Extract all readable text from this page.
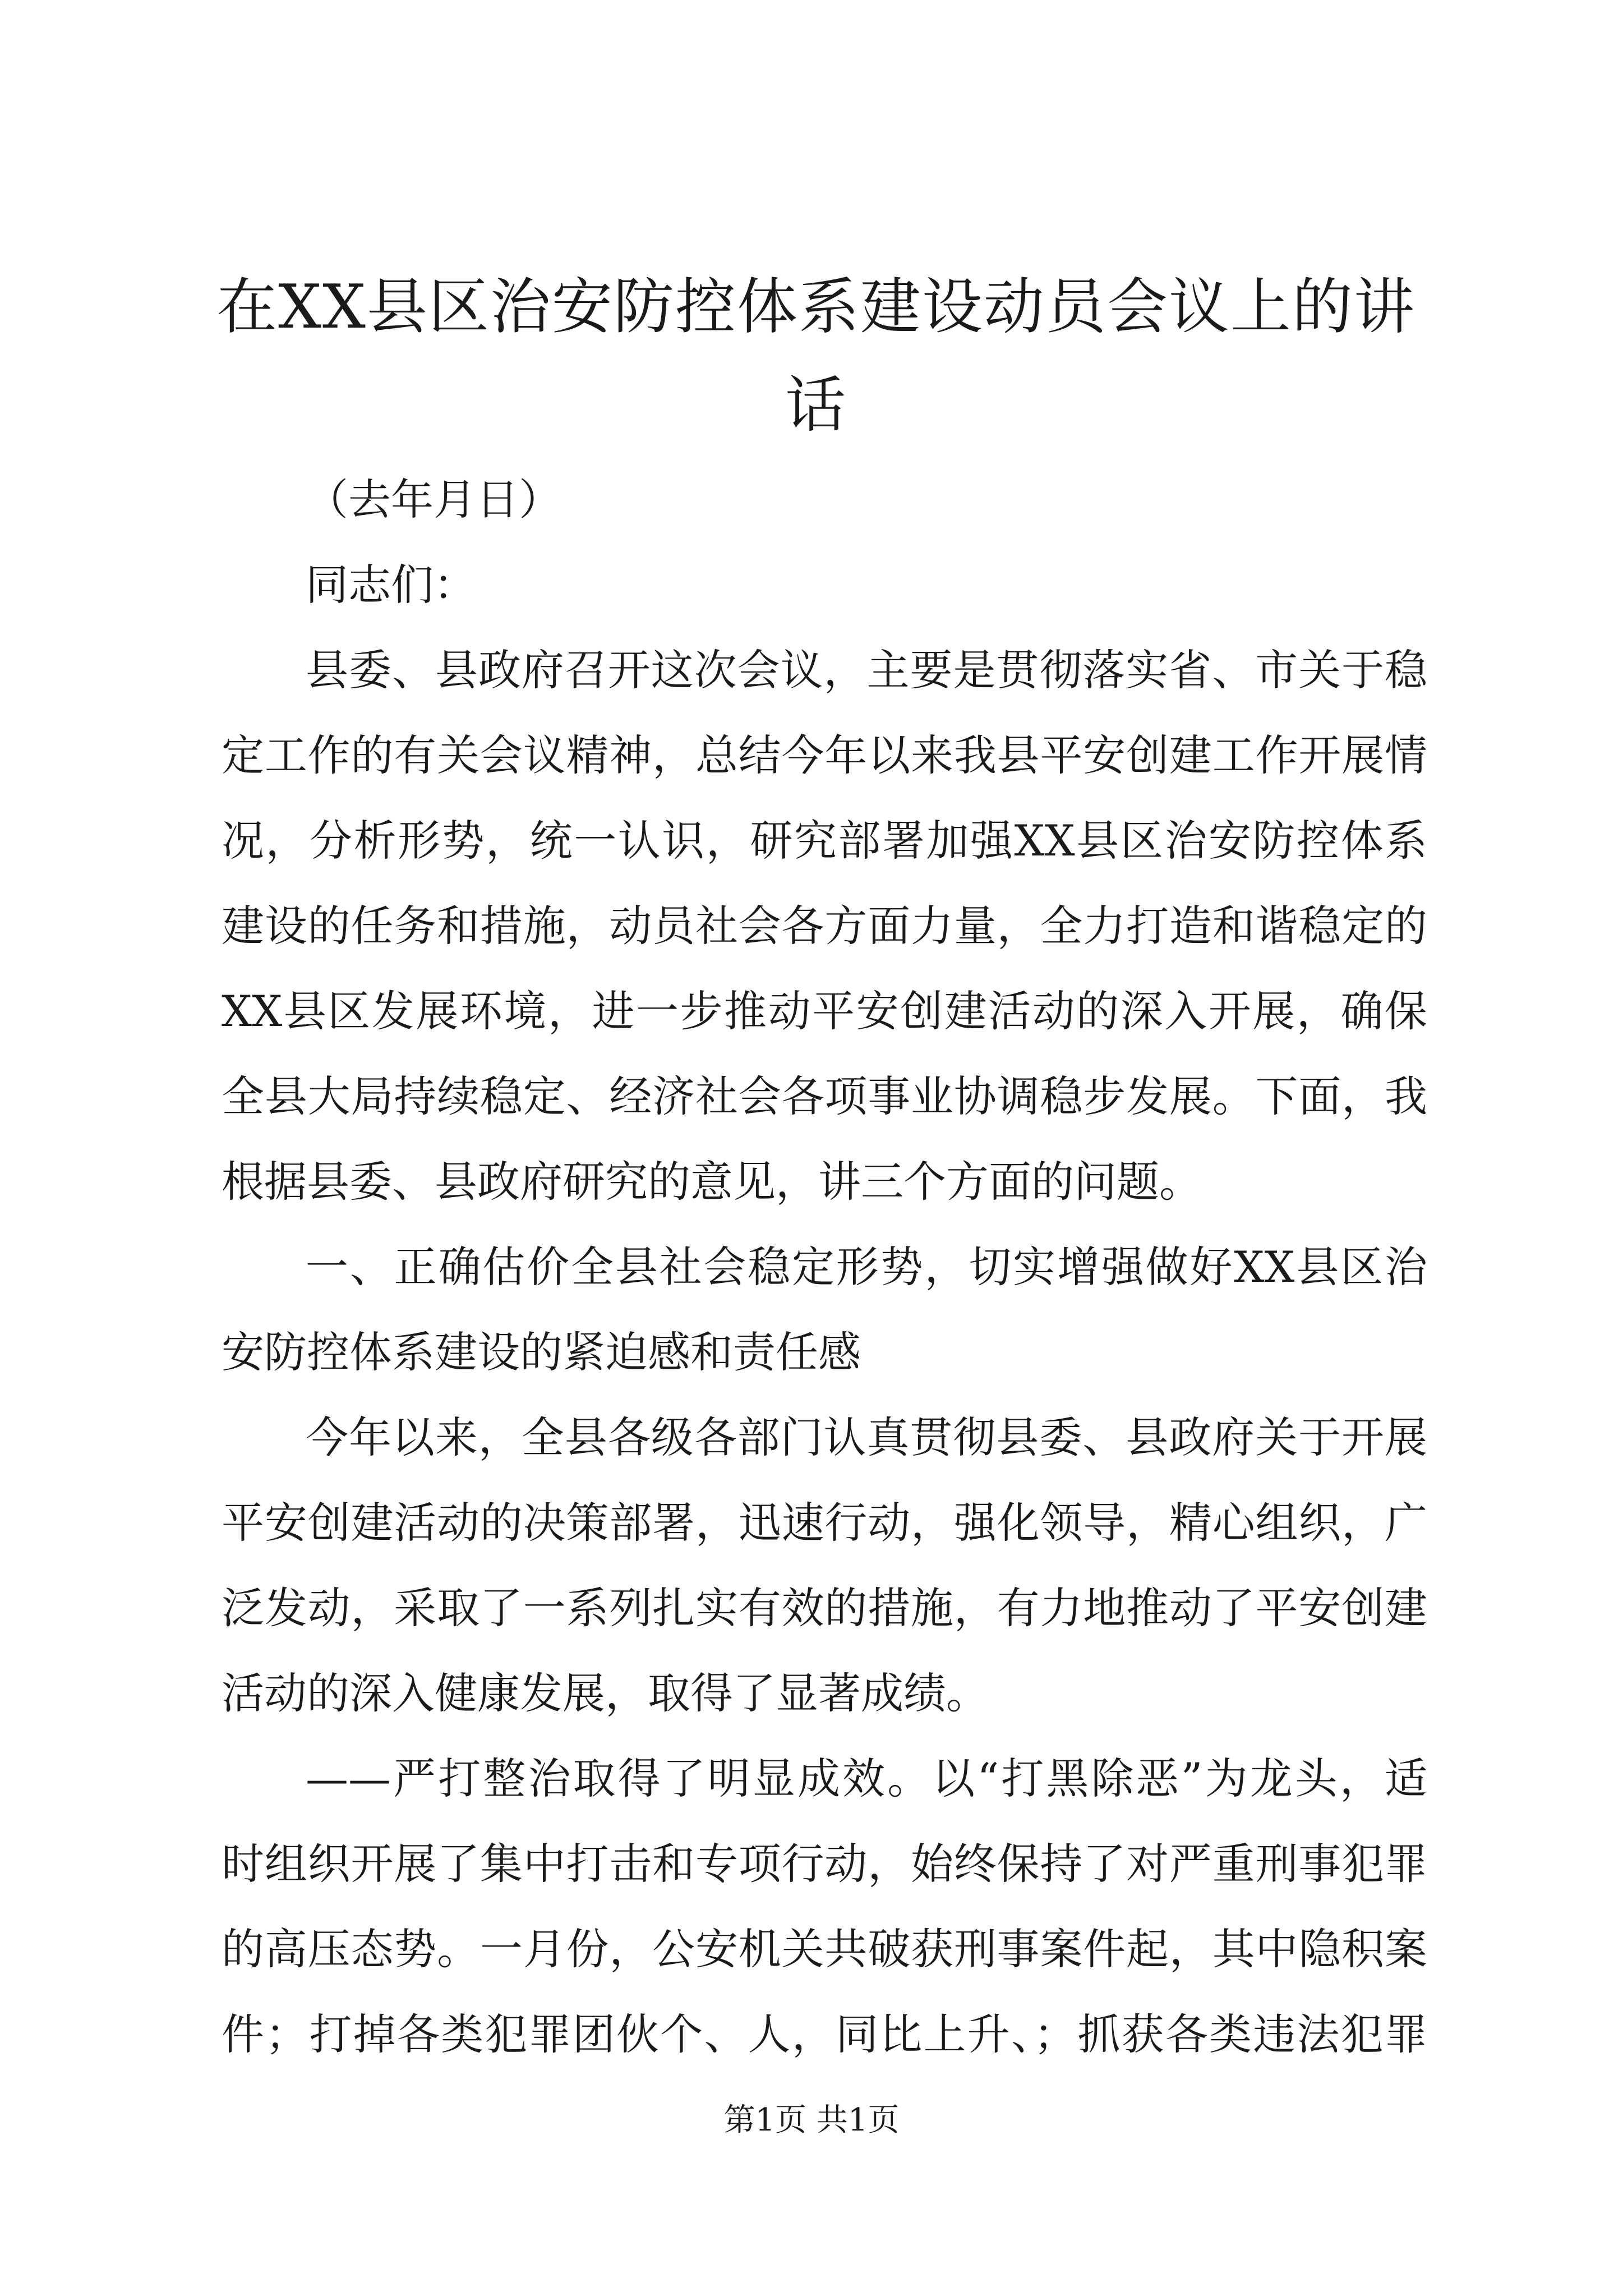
在XX县区治安防控体系建设动员会议上的讲
话
（去年月日）
同志们：
县委、县政府召开这次会议，主要是贯彻落实省、市关于稳
定工作的有关会议精神，总结今年以来我县平安创建工作开展情
况，分析形势，统一认识，研究部署加强XX县区治安防控体系
建设的任务和措施，动员社会各方面力量，全力打造和谐稳定的
XX县区发展环境，进一步推动平安创建活动的深入开展，确保
全县大局持续稳定、经济社会各项事业协调稳步发展。下面，我
根据县委、县政府研究的意见，讲三个方面的问题。
一、正确估价全县社会稳定形势，切实增强做好XX县区治
安防控体系建设的紧迫感和责任感
今年以来，全县各级各部门认真贯彻县委、县政府关于开展
平安创建活动的决策部署，迅速行动，强化领导，精心组织，广
泛发动，采取了一系列扎实有效的措施，有力地推动了平安创建
活动的深入健康发展，取得了显著成绩。
——严打整治取得了明显成效。以“打黑除恶”为龙头，适
时组织开展了集中打击和专项行动，始终保持了对严重刑事犯罪
的高压态势。一月份，公安机关共破获刑事案件起，其中隐积案
件；打掉各类犯罪团伙个、人，同比上升、；抓获各类违法犯罪
第1页 共1页
